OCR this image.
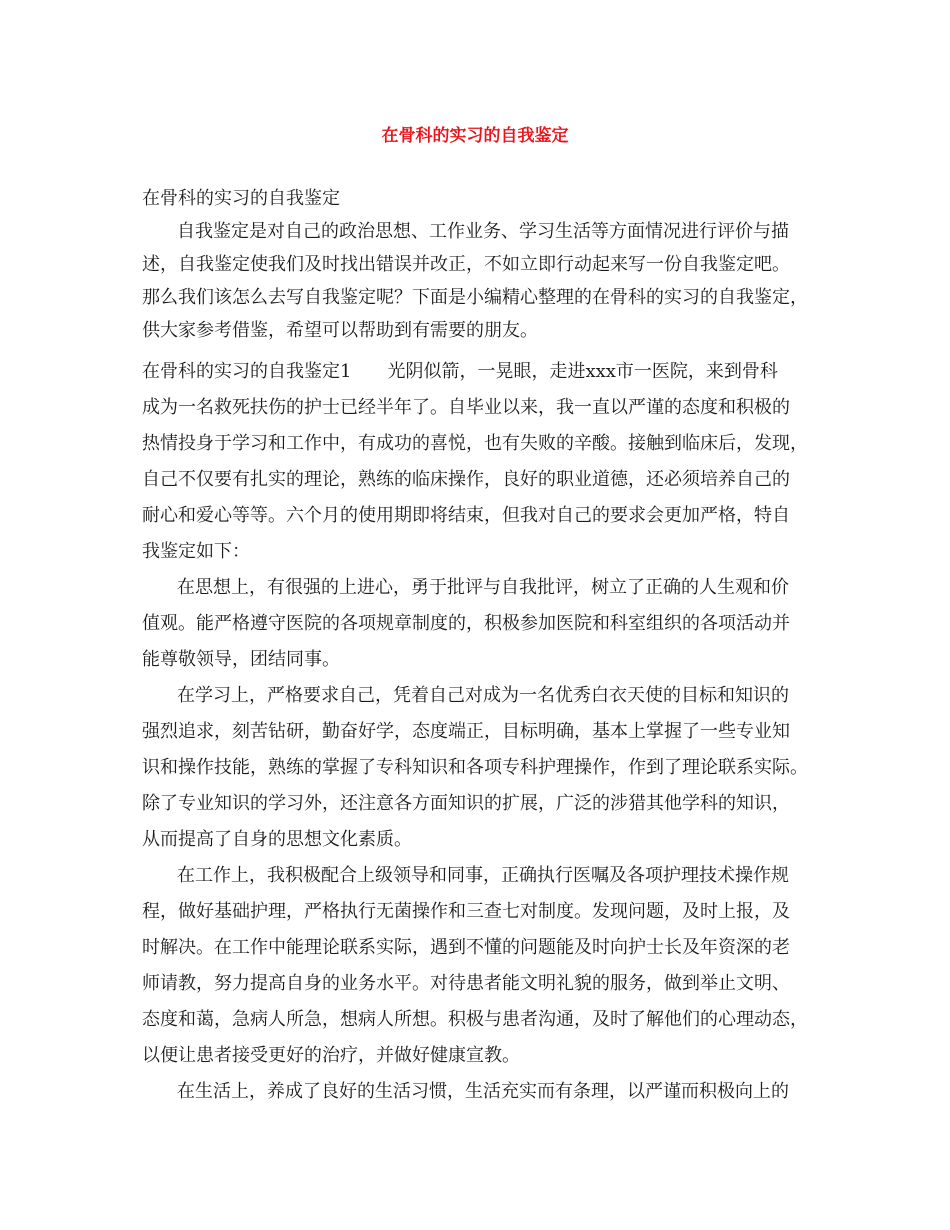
在骨科的实习的自我鉴定
在骨科的实习的自我鉴定
自我鉴定是对自己的政治思想、工作业务、学习生活等方面情况进行评价与描
述，自我鉴定使我们及时找出错误并改正，不如立即行动起来写一份自我鉴定吧。
那么我们该怎么去写自我鉴定呢？下面是小编精心整理的在骨科的实习的自我鉴定，
供大家参考借鉴，希望可以帮助到有需要的朋友。
在骨科的实习的自我鉴定1　　光阴似箭，一晃眼，走进xxx市一医院，来到骨科
成为一名救死扶伤的护士已经半年了。自毕业以来，我一直以严谨的态度和积极的
热情投身于学习和工作中，有成功的喜悦，也有失败的辛酸。接触到临床后，发现，
自己不仅要有扎实的理论，熟练的临床操作，良好的职业道德，还必须培养自己的
耐心和爱心等等。六个月的使用期即将结束，但我对自己的要求会更加严格，特自
我鉴定如下：
在思想上，有很强的上进心，勇于批评与自我批评，树立了正确的人生观和价
值观。能严格遵守医院的各项规章制度的，积极参加医院和科室组织的各项活动并
能尊敬领导，团结同事。
在学习上，严格要求自己，凭着自己对成为一名优秀白衣天使的目标和知识的
强烈追求，刻苦钻研，勤奋好学，态度端正，目标明确，基本上掌握了一些专业知
识和操作技能，熟练的掌握了专科知识和各项专科护理操作，作到了理论联系实际。
除了专业知识的学习外，还注意各方面知识的扩展，广泛的涉猎其他学科的知识，
从而提高了自身的思想文化素质。
在工作上，我积极配合上级领导和同事，正确执行医嘱及各项护理技术操作规
程，做好基础护理，严格执行无菌操作和三查七对制度。发现问题，及时上报，及
时解决。在工作中能理论联系实际，遇到不懂的问题能及时向护士长及年资深的老
师请教，努力提高自身的业务水平。对待患者能文明礼貌的服务，做到举止文明、
态度和蔼，急病人所急，想病人所想。积极与患者沟通，及时了解他们的心理动态，
以便让患者接受更好的治疗，并做好健康宣教。
在生活上，养成了良好的生活习惯，生活充实而有条理，以严谨而积极向上的
